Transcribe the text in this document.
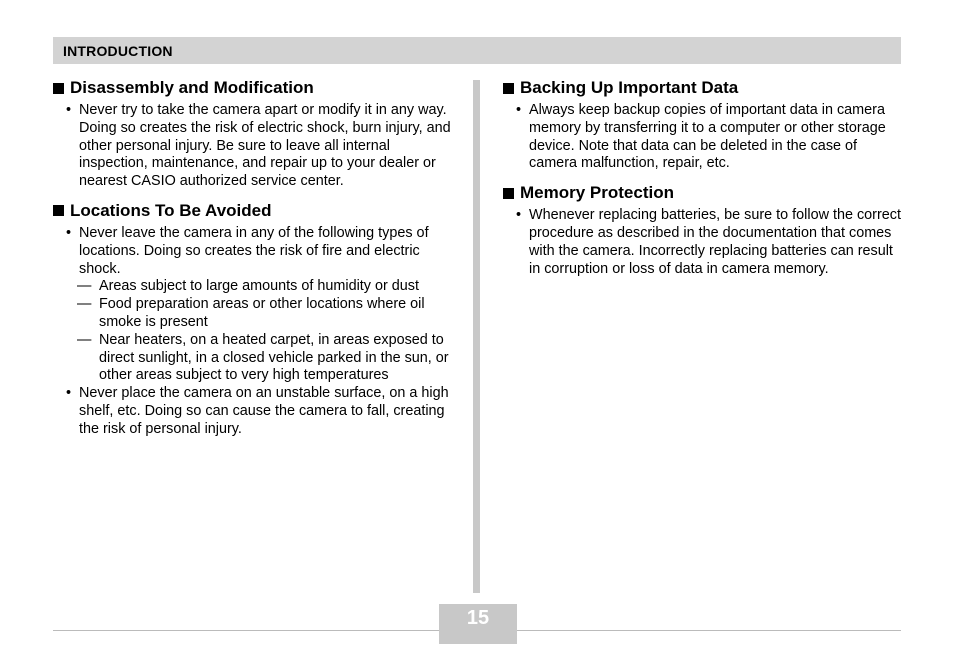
INTRODUCTION
Disassembly and Modification
• Never try to take the camera apart or modify it in any way. Doing so creates the risk of electric shock, burn injury, and other personal injury. Be sure to leave all internal inspection, maintenance, and repair up to your dealer or nearest CASIO authorized service center.
Locations To Be Avoided
• Never leave the camera in any of the following types of locations. Doing so creates the risk of fire and electric shock.
— Areas subject to large amounts of humidity or dust
— Food preparation areas or other locations where oil smoke is present
— Near heaters, on a heated carpet, in areas exposed to direct sunlight, in a closed vehicle parked in the sun, or other areas subject to very high temperatures
• Never place the camera on an unstable surface, on a high shelf, etc. Doing so can cause the camera to fall, creating the risk of personal injury.
Backing Up Important Data
• Always keep backup copies of important data in camera memory by transferring it to a computer or other storage device. Note that data can be deleted in the case of camera malfunction, repair, etc.
Memory Protection
• Whenever replacing batteries, be sure to follow the correct procedure as described in the documentation that comes with the camera. Incorrectly replacing batteries can result in corruption or loss of data in camera memory.
15
